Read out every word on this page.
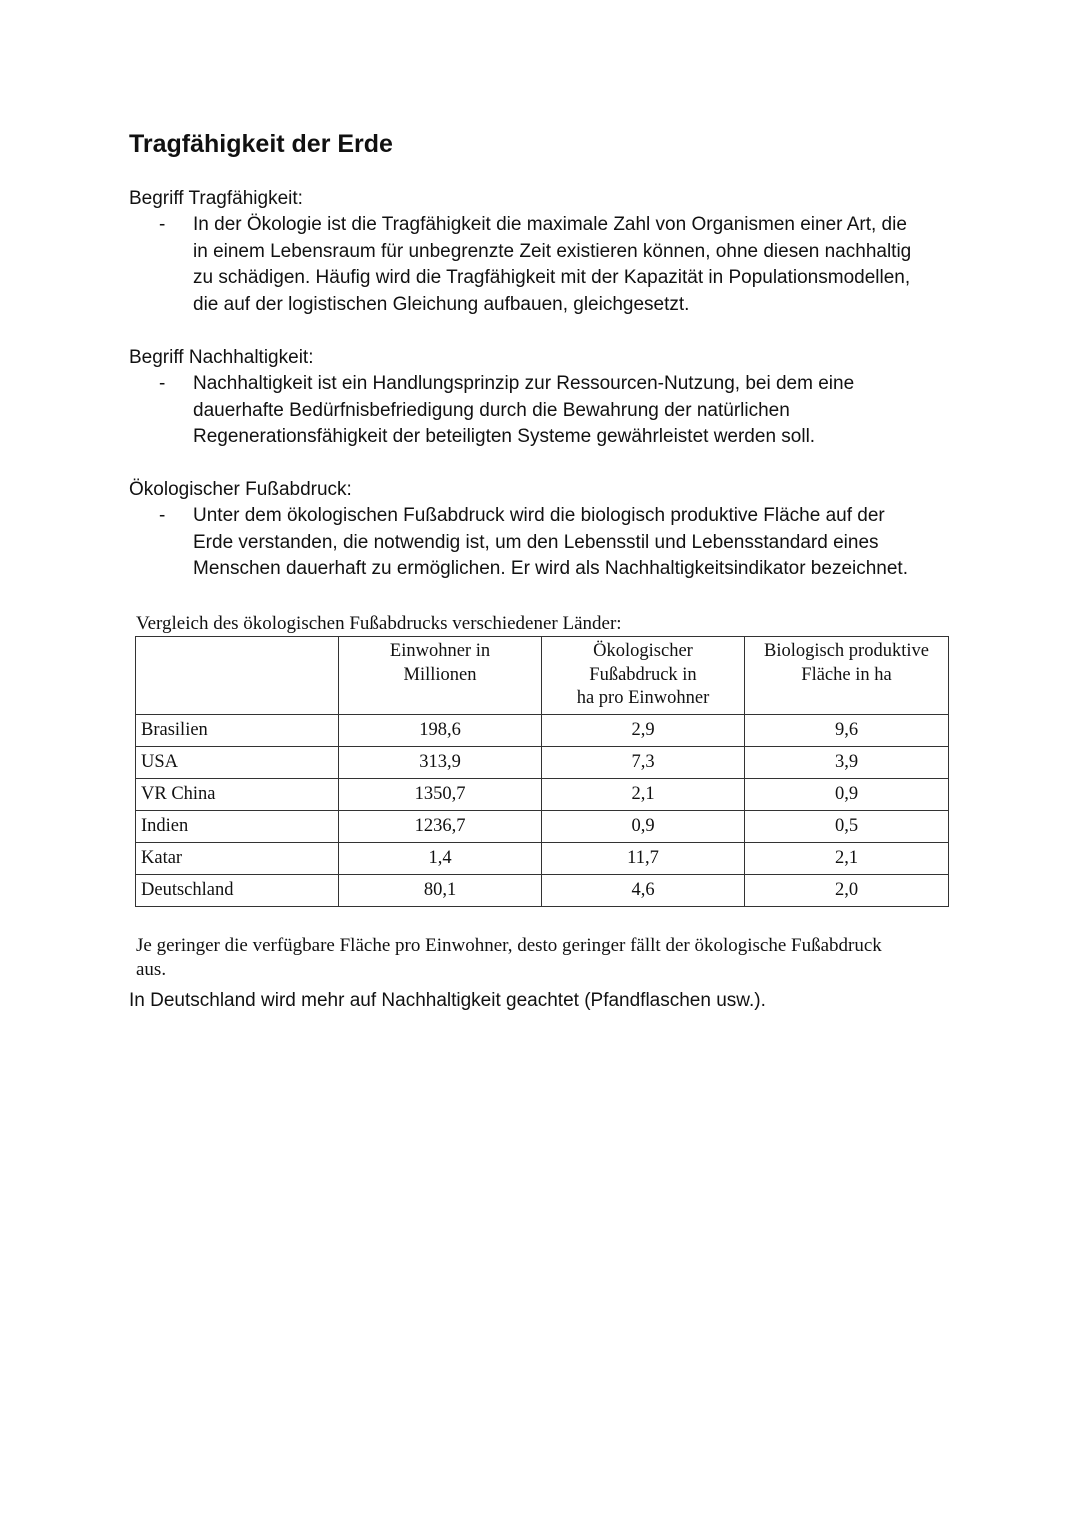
Tragfähigkeit der Erde

Begriff Tragfähigkeit:

- In der Ökologie ist die Tragfähigkeit die maximale Zahl von Organismen einer Art, die
in einem Lebensraum für unbegrenzte Zeit existieren können, ohne diesen nachhaltig
zu schädigen. Häufig wird die Tragfähigkeit mit der Kapazität in Populationsmodellen,
die auf der logistischen Gleichung aufbauen, gleichgesetzt.

Begriff Nachhaltigkeit:

- Nachhaltigkeit ist ein Handlungsprinzip zur Ressourcen-Nutzung, bei dem eine
dauerhafte Bedürfnisbefriedigung durch die Bewahrung der natürlichen
Regenerationsfähigkeit der beteiligten Systeme gewährleistet werden soll.

Ökologischer Fußabdruck:

- Unter dem ökologischen Fußabdruck wird die biologisch produktive Fläche auf der
Erde verstanden, die notwendig ist, um den Lebensstil und Lebensstandard eines
Menschen dauerhaft zu ermöglichen. Er wird als Nachhaltigkeitsindikator bezeichnet.

Vergleich des ökologischen Fußabdrucks verschiedener Länder:

	Einwohner in
Millionen	Ökologischer
Fußabdruck in
ha pro Einwohner	Biologisch produktive
Fläche in ha

Brasilien	198,6	2,9	9,6
USA	313,9	7,3	3,9
VR China	1350,7	2,1	0,9
Indien	1236,7	0,9	0,5
Katar	1,4	11,7	2,1
Deutschland	80,1	4,6	2,0

Je geringer die verfügbare Fläche pro Einwohner, desto geringer fällt der ökologische Fußabdruck
aus.

In Deutschland wird mehr auf Nachhaltigkeit geachtet (Pfandflaschen usw.).
